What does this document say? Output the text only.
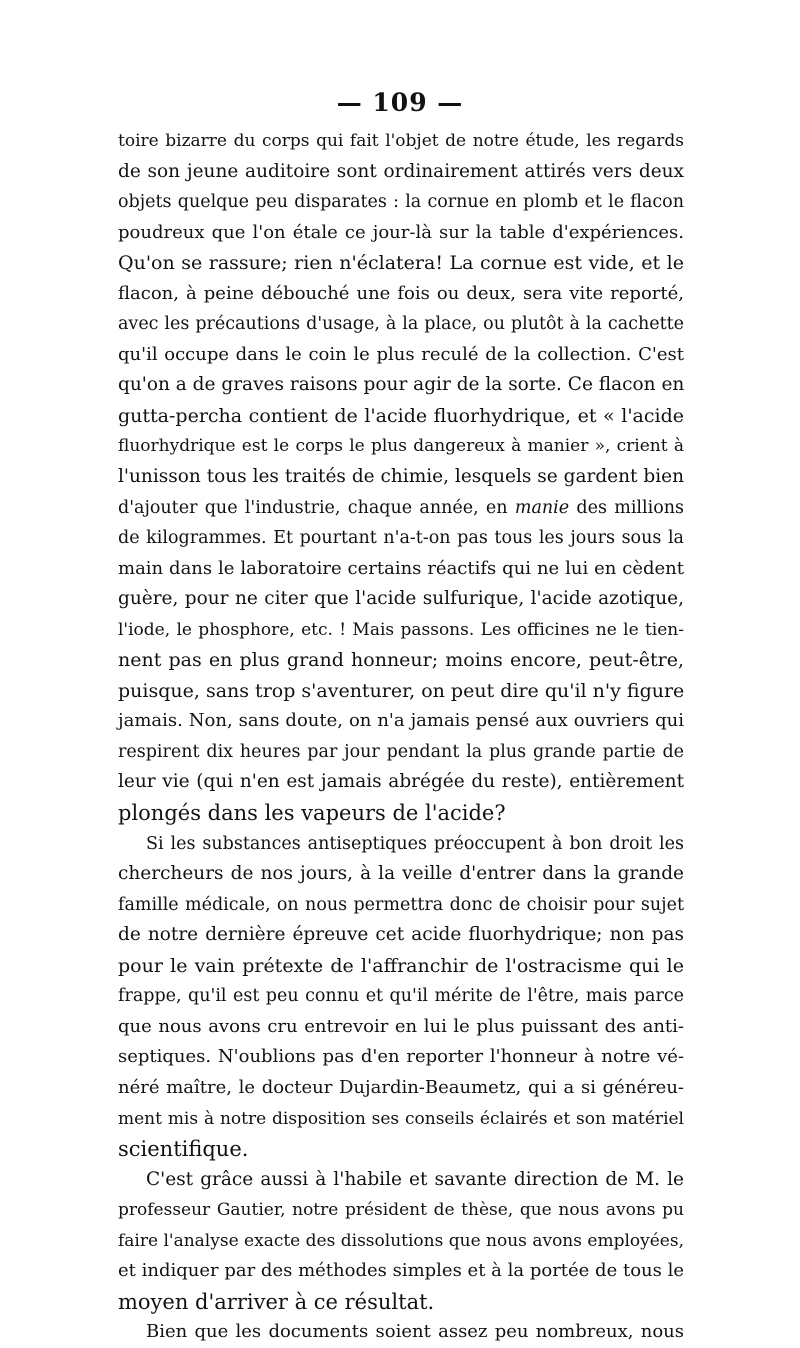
— 109 —
toire bizarre du corps qui fait l'objet de notre étude, les regards
de son jeune auditoire sont ordinairement attirés vers deux
objets quelque peu disparates : la cornue en plomb et le flacon
poudreux que l'on étale ce jour-là sur la table d'expériences.
Qu'on se rassure; rien n'éclatera! La cornue est vide, et le
flacon, à peine débouché une fois ou deux, sera vite reporté,
avec les précautions d'usage, à la place, ou plutôt à la cachette
qu'il occupe dans le coin le plus reculé de la collection. C'est
qu'on a de graves raisons pour agir de la sorte. Ce flacon en
gutta-percha contient de l'acide fluorhydrique, et « l'acide
fluorhydrique est le corps le plus dangereux à manier », crient à
l'unisson tous les traités de chimie, lesquels se gardent bien
d'ajouter que l'industrie, chaque année, en manie des millions
de kilogrammes. Et pourtant n'a-t-on pas tous les jours sous la
main dans le laboratoire certains réactifs qui ne lui en cèdent
guère, pour ne citer que l'acide sulfurique, l'acide azotique,
l'iode, le phosphore, etc. ! Mais passons. Les officines ne le tien-
nent pas en plus grand honneur; moins encore, peut-être,
puisque, sans trop s'aventurer, on peut dire qu'il n'y figure
jamais. Non, sans doute, on n'a jamais pensé aux ouvriers qui
respirent dix heures par jour pendant la plus grande partie de
leur vie (qui n'en est jamais abrégée du reste), entièrement
plongés dans les vapeurs de l'acide?
Si les substances antiseptiques préoccupent à bon droit les
chercheurs de nos jours, à la veille d'entrer dans la grande
famille médicale, on nous permettra donc de choisir pour sujet
de notre dernière épreuve cet acide fluorhydrique; non pas
pour le vain prétexte de l'affranchir de l'ostracisme qui le
frappe, qu'il est peu connu et qu'il mérite de l'être, mais parce
que nous avons cru entrevoir en lui le plus puissant des anti-
septiques. N'oublions pas d'en reporter l'honneur à notre vé-
néré maître, le docteur Dujardin-Beaumetz, qui a si généreu-
ment mis à notre disposition ses conseils éclairés et son matériel
scientifique.
C'est grâce aussi à l'habile et savante direction de M. le
professeur Gautier, notre président de thèse, que nous avons pu
faire l'analyse exacte des dissolutions que nous avons employées,
et indiquer par des méthodes simples et à la portée de tous le
moyen d'arriver à ce résultat.
Bien que les documents soient assez peu nombreux, nous
